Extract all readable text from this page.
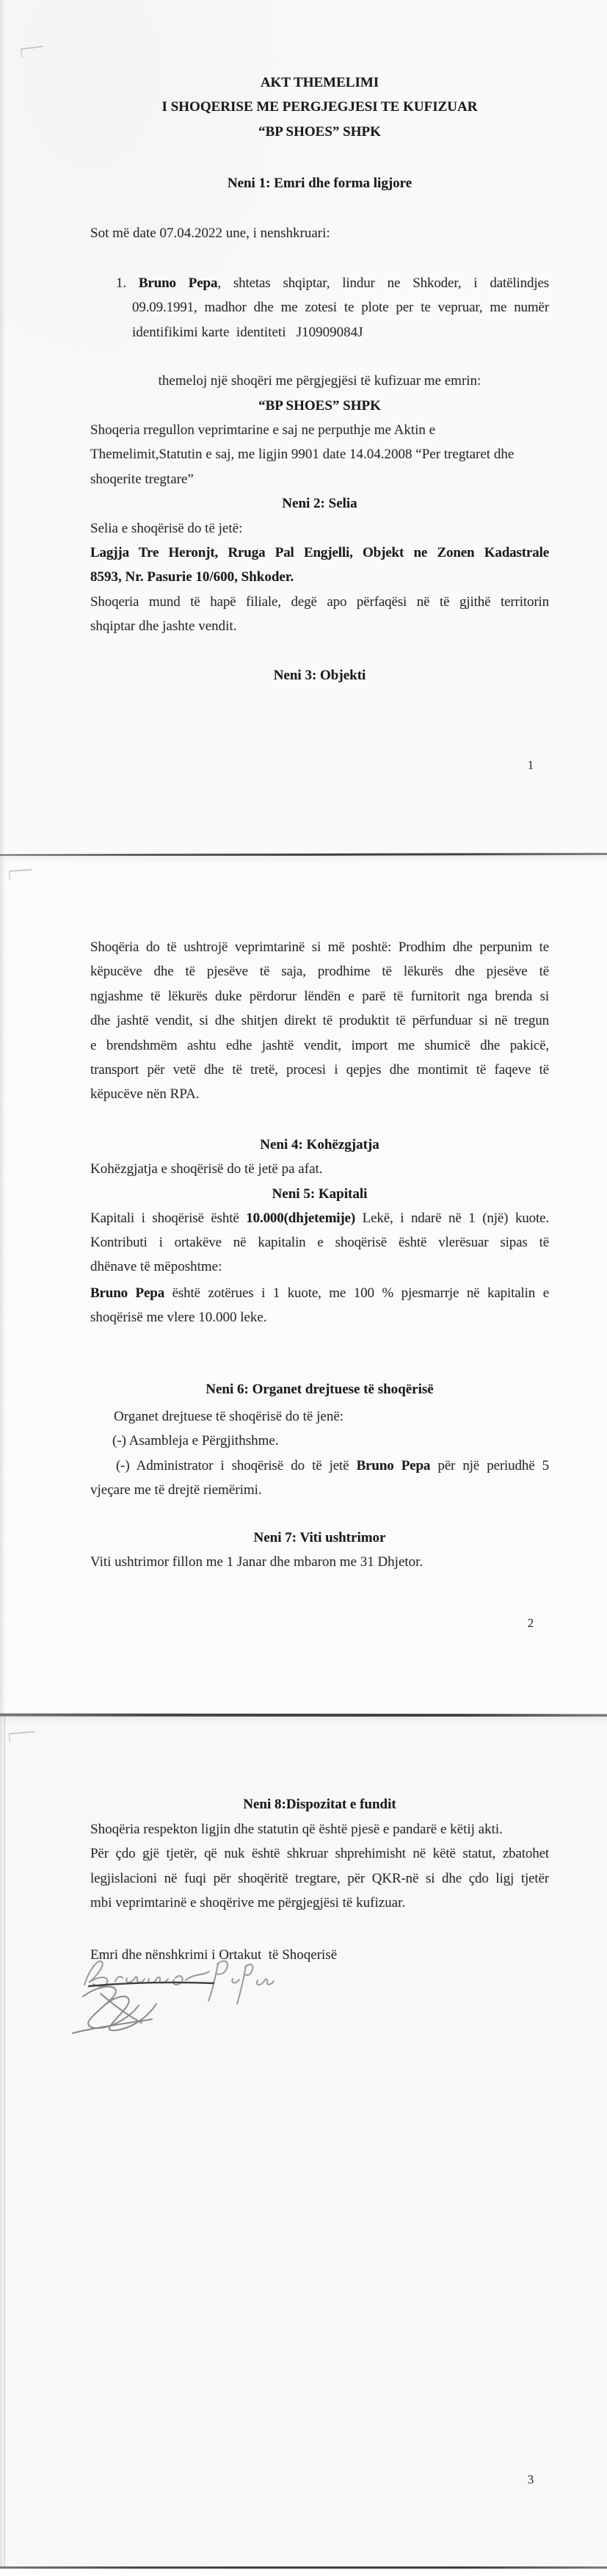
AKT THEMELIMI
I SHOQERISE ME PERGJEGJESI TE KUFIZUAR
“BP SHOES” SHPK
Neni 1: Emri dhe forma ligjore
Sot më date 07.04.2022 une, i nenshkruari:
1. Bruno Pepa, shtetas shqiptar, lindur ne Shkoder, i datëlindjes
09.09.1991, madhor dhe me zotesi te plote per te vepruar, me numër
identifikimi karte  identiteti   J10909084J
themeloj një shoqëri me përgjegjësi të kufizuar me emrin:
“BP SHOES” SHPK
Shoqeria rregullon veprimtarine e saj ne perputhje me Aktin e
Themelimit,Statutin e saj, me ligjin 9901 date 14.04.2008 “Per tregtaret dhe
shoqerite tregtare”
Neni 2: Selia
Selia e shoqërisë do të jetë:
Lagjja Tre Heronjt, Rruga Pal Engjelli, Objekt ne Zonen Kadastrale
8593, Nr. Pasurie 10/600, Shkoder.
Shoqeria mund të hapë filiale, degë apo përfaqësi në të gjithë territorin
shqiptar dhe jashte vendit.
Neni 3: Objekti
1
Shoqëria do të ushtrojë veprimtarinë si më poshtë: Prodhim dhe perpunim te
këpucëve dhe të pjesëve të saja, prodhime të lëkurës dhe pjesëve të
ngjashme të lëkurës duke përdorur lëndën e parë të furnitorit nga brenda si
dhe jashtë vendit, si dhe shitjen direkt të produktit të përfunduar si në tregun
e brendshmëm ashtu edhe jashtë vendit, import me shumicë dhe pakicë,
transport për vetë dhe të tretë, procesi i qepjes dhe montimit të faqeve të
këpucëve nën RPA.
Neni 4: Kohëzgjatja
Kohëzgjatja e shoqërisë do të jetë pa afat.
Neni 5: Kapitali
Kapitali i shoqërisë është 10.000(dhjetemije) Lekë, i ndarë në 1 (një) kuote.
Kontributi i ortakëve në kapitalin e shoqërisë është vlerësuar sipas të
dhënave të mëposhtme:
Bruno Pepa është zotërues i 1 kuote, me 100 % pjesmarrje në kapitalin e
shoqërisë me vlere 10.000 leke.
Neni 6: Organet drejtuese të shoqërisë
Organet drejtuese të shoqërisë do të jenë:
(-) Asambleja e Përgjithshme.
(-) Administrator i shoqërisë do të jetë Bruno Pepa për një periudhë 5
vjeçare me të drejtë riemërimi.
Neni 7: Viti ushtrimor
Viti ushtrimor fillon me 1 Janar dhe mbaron me 31 Dhjetor.
2
Neni 8:Dispozitat e fundit
Shoqëria respekton ligjin dhe statutin që është pjesë e pandarë e këtij akti.
Për çdo gjë tjetër, që nuk është shkruar shprehimisht në këtë statut, zbatohet
legjislacioni në fuqi për shoqëritë tregtare, për QKR-në si dhe çdo ligj tjetër
mbi veprimtarinë e shoqërive me përgjegjësi të kufizuar.
Emri dhe nënshkrimi i Ortakut  të Shoqerisë
3
